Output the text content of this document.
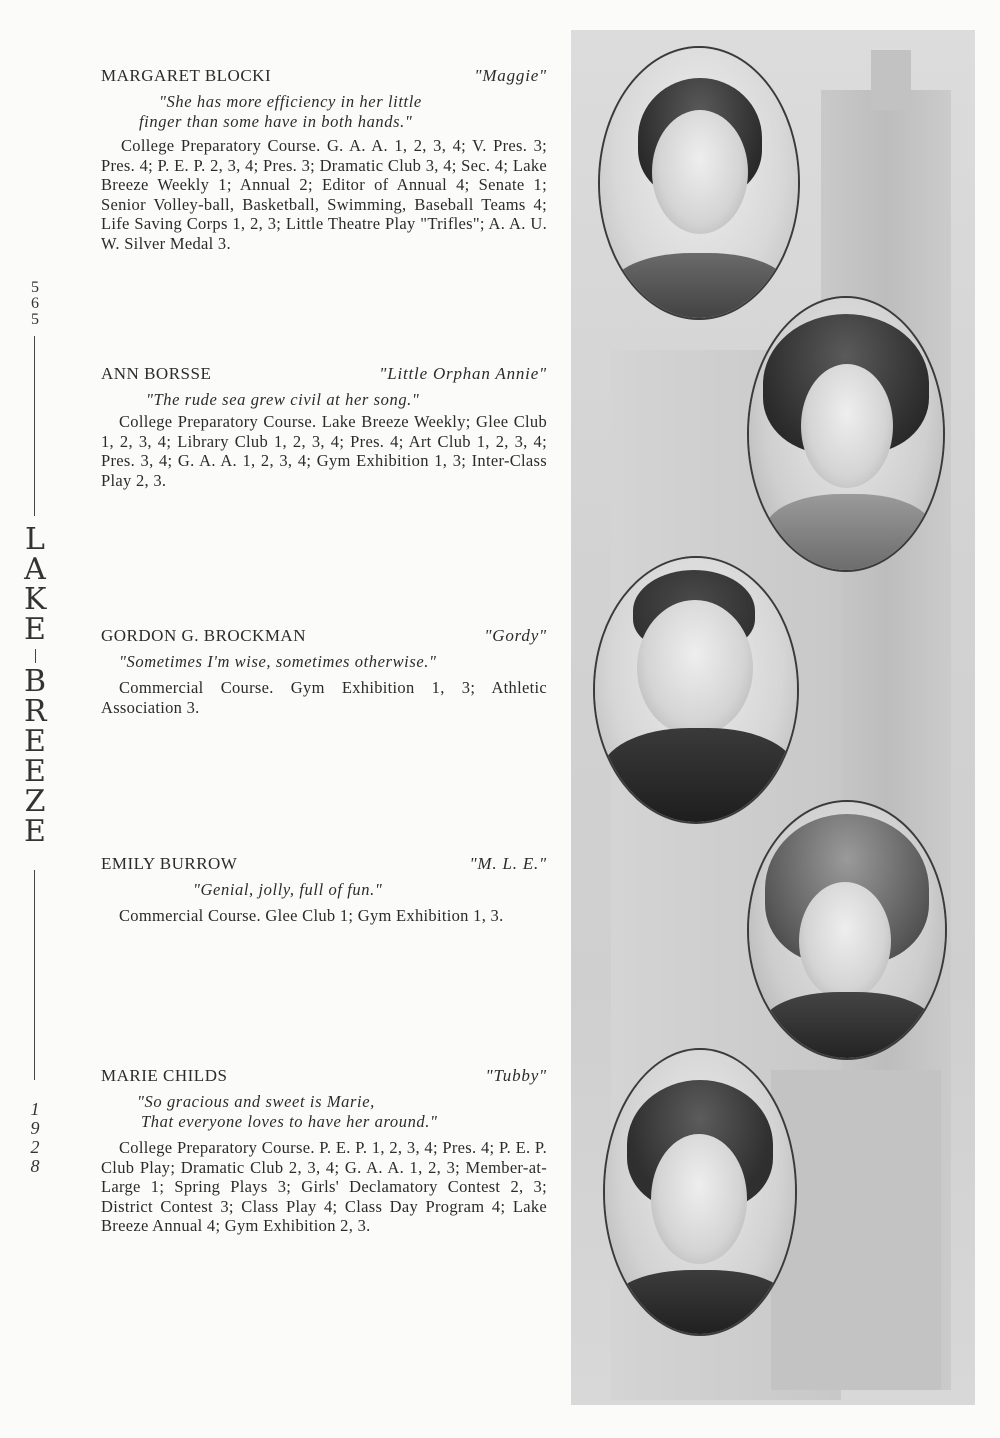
5
6
5
L
A
K
E
B
R
E
E
Z
E
1
9
2
8
MARGARET BLOCKI	"Maggie"
"She has more efficiency in her little
finger than some have in both hands."
College Preparatory Course. G. A. A. 1, 2, 3, 4; V. Pres. 3; Pres. 4; P. E. P. 2, 3, 4; Pres. 3; Dramatic Club 3, 4; Sec. 4; Lake Breeze Weekly 1; Annual 2; Editor of Annual 4; Senate 1; Senior Volley-ball, Basketball, Swimming, Baseball Teams 4; Life Saving Corps 1, 2, 3; Little Theatre Play "Trifles"; A. A. U. W. Silver Medal 3.
ANN BORSSE	"Little Orphan Annie"
"The rude sea grew civil at her song."
College Preparatory Course. Lake Breeze Weekly; Glee Club 1, 2, 3, 4; Library Club 1, 2, 3, 4; Pres. 4; Art Club 1, 2, 3, 4; Pres. 3, 4; G. A. A. 1, 2, 3, 4; Gym Exhibition 1, 3; Inter-Class Play 2, 3.
GORDON G. BROCKMAN	"Gordy"
"Sometimes I'm wise, sometimes otherwise."
Commercial Course. Gym Exhibition 1, 3; Athletic Association 3.
EMILY BURROW	"M. L. E."
"Genial, jolly, full of fun."
Commercial Course. Glee Club 1; Gym Exhibition 1, 3.
MARIE CHILDS	"Tubby"
"So gracious and sweet is Marie,
That everyone loves to have her around."
College Preparatory Course. P. E. P. 1, 2, 3, 4; Pres. 4; P. E. P. Club Play; Dramatic Club 2, 3, 4; G. A. A. 1, 2, 3; Member-at-Large 1; Spring Plays 3; Girls' Declamatory Contest 2, 3; District Contest 3; Class Play 4; Class Day Program 4; Lake Breeze Annual 4; Gym Exhibition 2, 3.
